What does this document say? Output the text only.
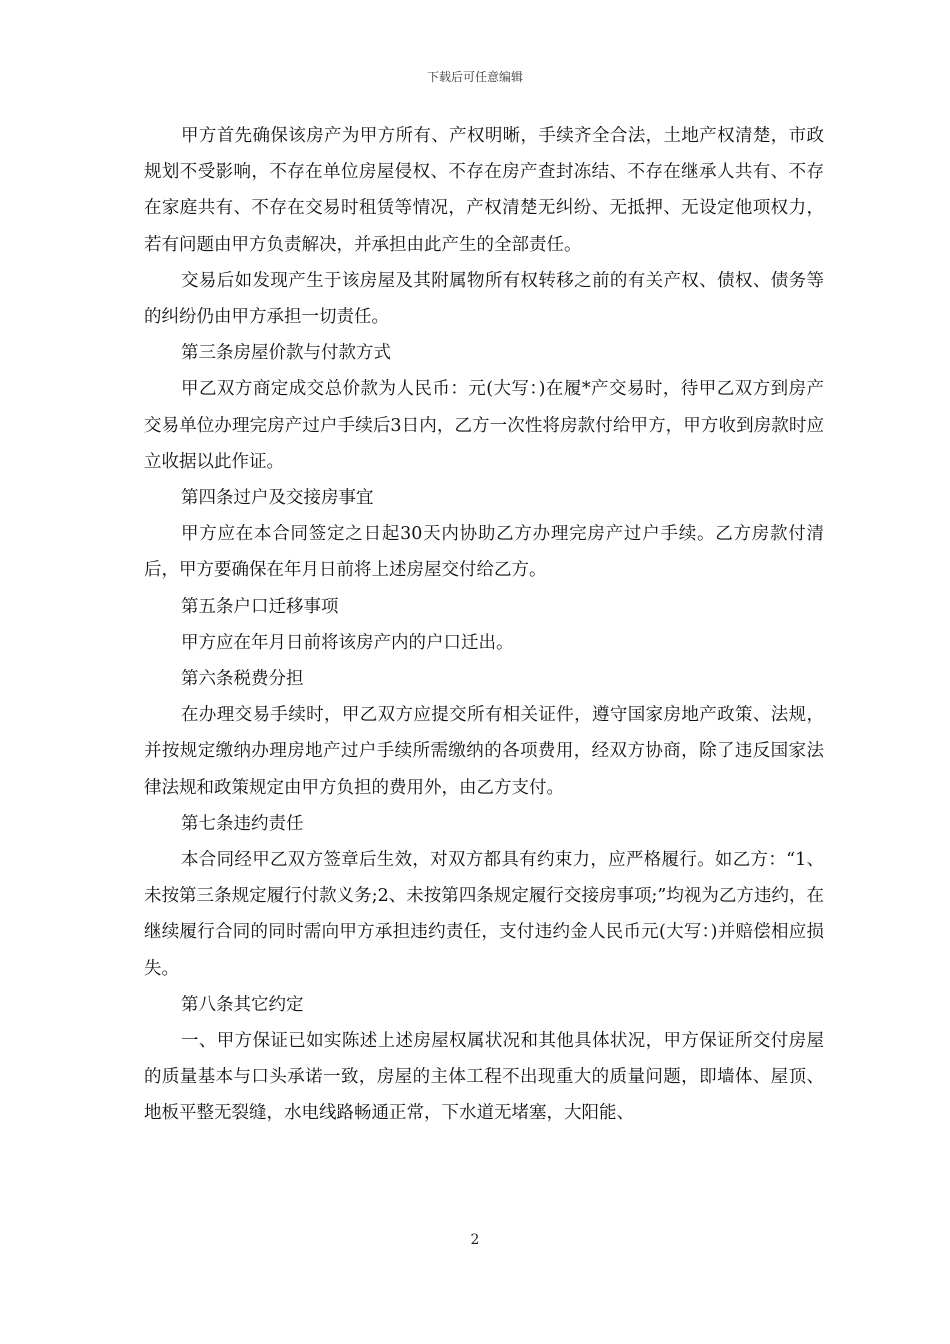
下载后可任意编辑

甲方首先确保该房产为甲方所有、产权明晰，手续齐全合法，土地产权清楚，市政规划不受影响，不存在单位房屋侵权、不存在房产查封冻结、不存在继承人共有、不存在家庭共有、不存在交易时租赁等情况，产权清楚无纠纷、无抵押、无设定他项权力，若有问题由甲方负责解决，并承担由此产生的全部责任。

交易后如发现产生于该房屋及其附属物所有权转移之前的有关产权、债权、债务等的纠纷仍由甲方承担一切责任。

第三条房屋价款与付款方式

甲乙双方商定成交总价款为人民币：元(大写：)在履*产交易时，待甲乙双方到房产交易单位办理完房产过户手续后3日内，乙方一次性将房款付给甲方，甲方收到房款时应立收据以此作证。

第四条过户及交接房事宜

甲方应在本合同签定之日起30天内协助乙方办理完房产过户手续。乙方房款付清后，甲方要确保在年月日前将上述房屋交付给乙方。

第五条户口迁移事项

甲方应在年月日前将该房产内的户口迁出。

第六条税费分担

在办理交易手续时，甲乙双方应提交所有相关证件，遵守国家房地产政策、法规，并按规定缴纳办理房地产过户手续所需缴纳的各项费用，经双方协商，除了违反国家法律法规和政策规定由甲方负担的费用外，由乙方支付。

第七条违约责任

本合同经甲乙双方签章后生效，对双方都具有约束力，应严格履行。如乙方：“1、未按第三条规定履行付款义务;2、未按第四条规定履行交接房事项;”均视为乙方违约，在继续履行合同的同时需向甲方承担违约责任，支付违约金人民币元(大写：)并赔偿相应损失。

第八条其它约定

一、甲方保证已如实陈述上述房屋权属状况和其他具体状况，甲方保证所交付房屋的质量基本与口头承诺一致，房屋的主体工程不出现重大的质量问题，即墙体、屋顶、地板平整无裂缝，水电线路畅通正常，下水道无堵塞，大阳能、

2
